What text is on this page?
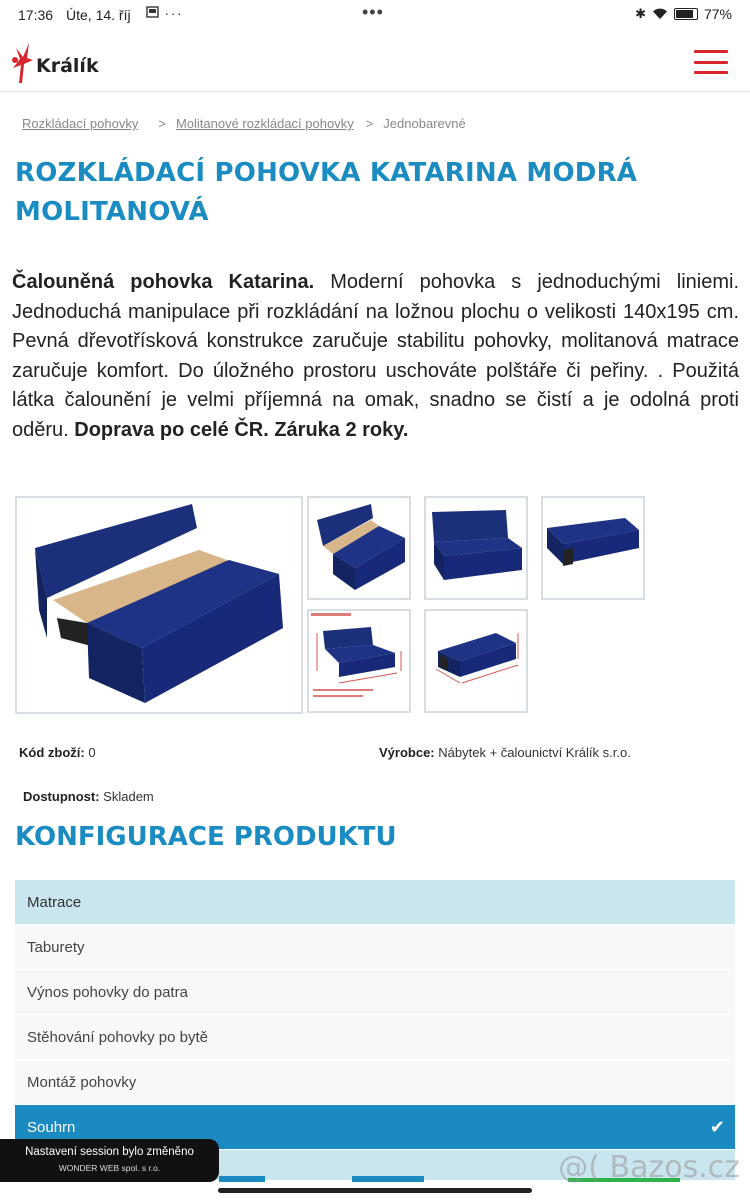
17:36 Úte, 14. říj	···	•••	✱	77%
Králík
Rozkládací pohovky > Molitanové rozkládací pohovky > Jednobarevné
ROZKLÁDACÍ POHOVKA KATARINA MODRÁ MOLITANOVÁ

Čalouněná pohovka Katarina. Moderní pohovka s jednoduchými liniemi. Jednoduchá manipulace při rozkládání na ložnou plochu o velikosti 140x195 cm. Pevná dřevotřísková konstrukce zaručuje stabilitu pohovky, molitanová matrace zaručuje komfort. Do úložného prostoru uschováte polštáře či peřiny. . Použitá látka čalounění je velmi příjemná na omak, snadno se čistí a je odolná proti oděru. Doprava po celé ČR. Záruka 2 roky.

Kód zboží: 0	Výrobce: Nábytek + čalounictví Králík s.r.o.
Dostupnost: Skladem
KONFIGURACE PRODUKTU
Matrace
Taburety
Výnos pohovky do patra
Stěhování pohovky po bytě
Montáž pohovky
Souhrn	✔
Nastavení session bylo změněno
WONDER WEB spol. s r.o.	@( Bazos.cz
